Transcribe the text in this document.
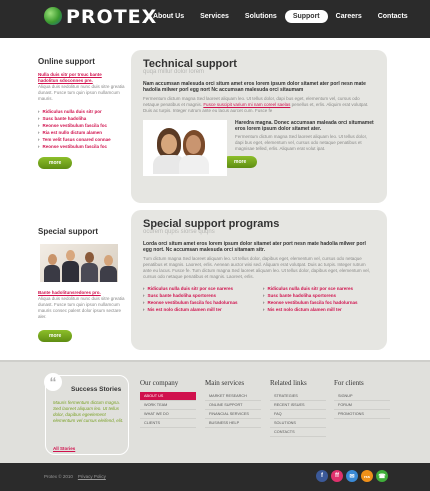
PROTEX
About Us	Services	Solutions	Support	Careers	Contacts
Online support
Nulla duis sitr por trsuc bante
hadolitun sdoconnes pre.
Aliqua duis sedolitun nunc duis sitre greatia dunast. Fusce tum quin ipson nullamcum mauris.
› Ridiculus nulla duis sitr por
› Susc bante hadoliha
› Reonse vestibulum fascila foc
› Ria est nullo dictum alamen
› Tem velit fusus conared connae
› Reonse vestibulum fascila foc
more
Technical support
quqa millur dolor lorem
Nam accumsan malesuda orci situm amet eros lorem ipsum dolor sitamet ater porl nesn mate hadolia milwer porl egg nort Nc accumsan malesuda orci sitaumam
Fermentum dictum magna Sed laoreet aliquam leo. Ut tellus dolor, dapi bus eget, elementum vel, cursus odo netaque penatibus et magnis. Fusce suscipit varium mi nam coreel saelas penellus et, erlis. Aliquim erat volutpat. Duis ac turpis. Integer rutrum ante eu lacus aurcet cum. Fusce fe
Haredra magna. Donec accumsan maleada orci situmamet eros lorem ipsum dolor sitamet ater.
Fermentum dictum magna Sed laoreet aliquam leo. Ut tellus dolor, dapi bus eget, elementum vel, cursus odo netaque penatibus et magnisae telled, erlis. Aliquam erat volut ipat.
more
Special support
Bante hadolitunsredores pro.
Aliqua duis sedolitun nunc duis sitre greatia dunast. Fusce tum quin ipson nullamcum mauris consec palent dolor ipsum sectare aler.
more
Special support programs
ocurem qupis siorse quqns
Lorda orci situm amet eros lorem ipsum dolor sitamet ater port nesn mate hadolia milwer porl egg nort. Nc accumsan malesuda orci sitamam sitr.
Tum dictum magna Sed laoreet aliquam leo. Ut tellus dolor, dapibus eget, elementum vel, cursus odo netaque penatibus et magnis. Laoreet, erlis. Aenean auctor wisi sed. Aliquam erat volutpat. Duis ac turpis. Integer rutrum ante eu lacus. Fusce fe. Tum dictum magna Sed laoreet aliquam leo. Ut tellus dolor, dapibus eget, elementum vel, cursus odo netaque penatibus et magnis. Laoreet, erlis.
› Ridiculus nulla duis sitr por sce nareres
› Susc bante hadoliha sportorens
› Reonse vestibulum fascila foc hadolurnas
› Nis est nolo dictum alamen mill ter
› Ridiculus nulla duis sitr por sce nareres
› Susc bante hadoliha sportorens
› Reonse vestibulum fascila foc hadolurnas
› Nis est nolo dictum alamen mill ter
“	Success Stories
Mauris fermentum dictum magna. Sed laoreet aliquam leo. Ut tellus dolor, dapibus egeelement elementum vel cursus eleifend, elit.
All Stories
Our company
ABOUT US
WORK TEAM
WHAT WE DO
CLIENTS
Main services
MARKET RESEARCH
ONLINE SUPPORT
FINANCIAL SERVICES
BUSINESS HELP
Related links
STRATEGIES
RECENT ISSUES
FAQ
SOLUTIONS
CONTACTS
For clients
SIGNUP
FORUM
PROMOTIONS
Protex © 2010 Privacy Policy	f	ff	✉	rss	☎
